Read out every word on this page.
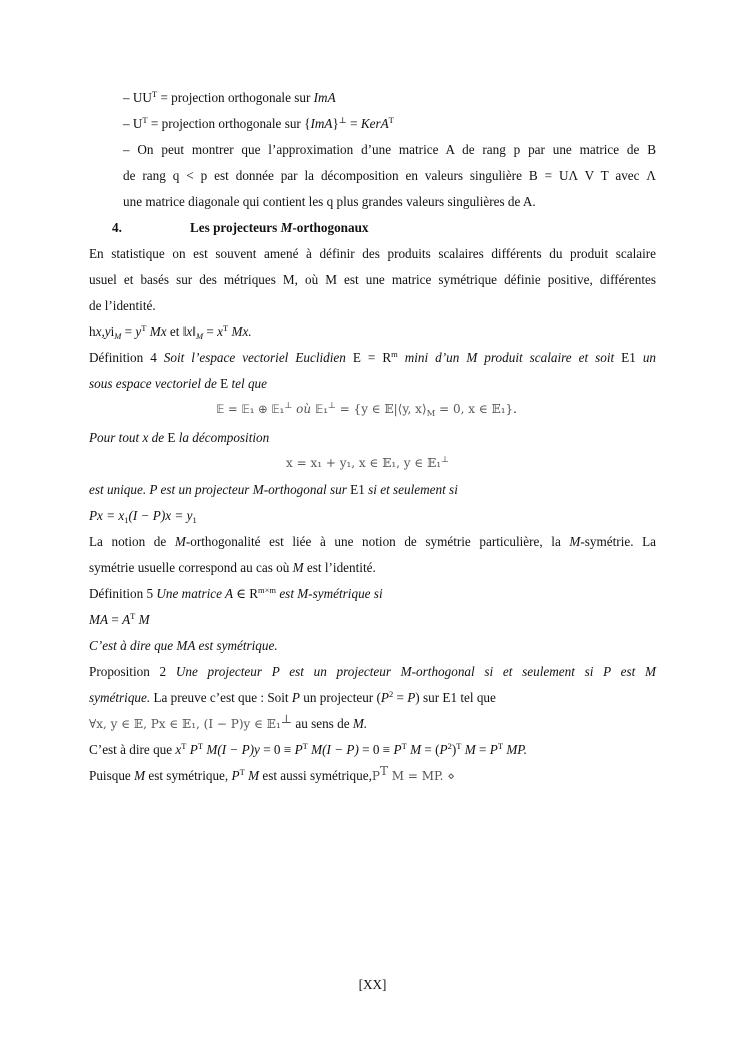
– $UU^T$ = projection orthogonale sur ImA
– $U^T$ = projection orthogonale sur {ImA}⊥ = KerA$^T$
– On peut montrer que l’approximation d’une matrice A de rang p par une matrice de B
de rang q < p est donnée par la décomposition en valeurs singulière B = UΛ V T avec Λ
une matrice diagonale qui contient les q plus grandes valeurs singulières de A.
4.	Les projecteurs M-orthogonaux
En statistique on est souvent amené à définir des produits scalaires différents du produit scalaire
usuel et basés sur des métriques M, où M est une matrice symétrique définie positive, différentes
de l’identité.
$hx,yi_M = y^T$ Mx et $‖x‖_M = x^T$ Mx.
Définition 4 Soit l’espace vectoriel Euclidien $E = R^m$ mini d’un M produit scalaire et soit E1 un
sous espace vectoriel de E tel que
𝔼 = 𝔼₁ ⊕ 𝔼₁⊥ où 𝔼₁⊥ = {y ∈ 𝔼|⟨y, $x⟩_M = 0$, x ∈ 𝔼₁}.
Pour tout x de E la décomposition
x = x₁ + y₁, x ∈ 𝔼₁, y ∈ 𝔼₁⊥
est unique. P est un projecteur M-orthogonal sur E1 si et seulement si
$Px = x_1(I - P)x = y_1$
La notion de M-orthogonalité est liée à une notion de symétrie particulière, la M-symétrie. La
symétrie usuelle correspond au cas où M est l’identité.
Définition 5 Une matrice A ∈ $R^{m\times m}$ est M-symétrique si
MA = $A^T$ M
C’est à dire que MA est symétrique.
Proposition 2 Une projecteur P est un projecteur M-orthogonal si et seulement si P est M
symétrique. La preuve c’est que : Soit P un projecteur $(P^2 = P)$ sur E1 tel que
∀x, y ∈ 𝔼, Px ∈ 𝔼₁, (I − P)y ∈ 𝔼₁⊥ au sens de M.
C’est à dire que $x^T$ $P^T$ $M(I - P)y = 0 \equiv P^T$ $M(I - P) = 0 \equiv P^T$ $M = (P^2)^T$ $M = P^T$ MP.
Puisque M est symétrique, $P^T$ M est aussi $symétrique,P^T$ M = MP. ⋄
[XX]
